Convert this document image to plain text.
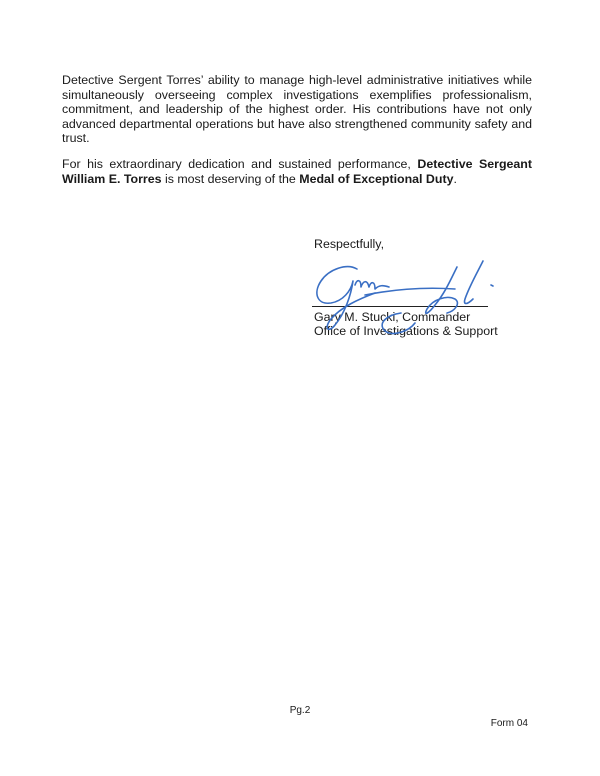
Detective Sergent Torres’ ability to manage high-level administrative initiatives while simultaneously overseeing complex investigations exemplifies professionalism, commitment, and leadership of the highest order. His contributions have not only advanced departmental operations but have also strengthened community safety and trust.

For his extraordinary dedication and sustained performance, Detective Sergeant William E. Torres is most deserving of the Medal of Exceptional Duty.

Respectfully,
Gary M. Stucki, Commander
Office of Investigations & Support
Pg.2
Form 04
